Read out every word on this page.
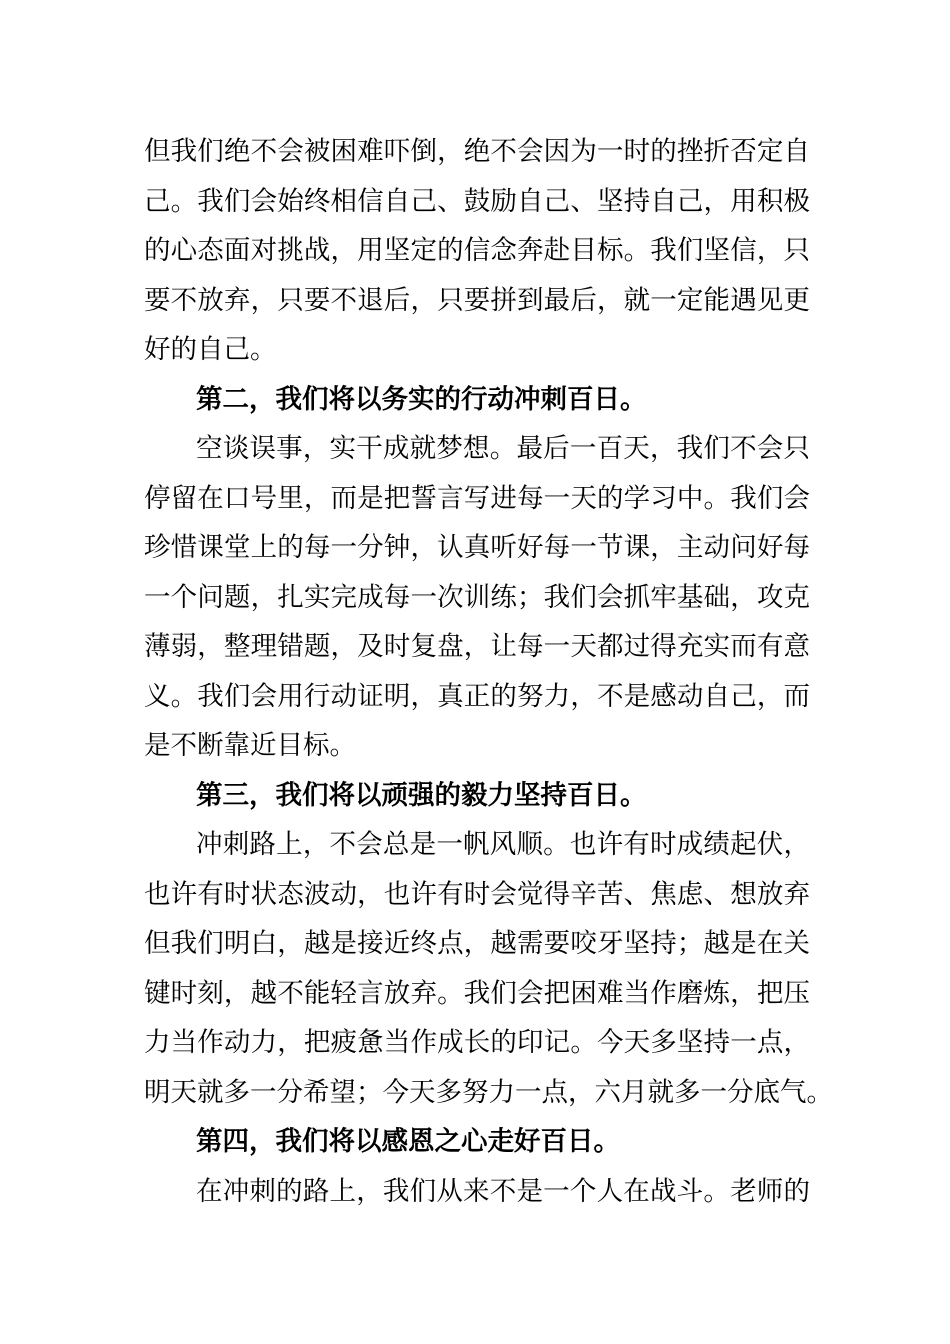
但我们绝不会被困难吓倒，绝不会因为一时的挫折否定自
己。我们会始终相信自己、鼓励自己、坚持自己，用积极
的心态面对挑战，用坚定的信念奔赴目标。我们坚信，只
要不放弃，只要不退后，只要拼到最后，就一定能遇见更
好的自己。
第二，我们将以务实的行动冲刺百日。
空谈误事，实干成就梦想。最后一百天，我们不会只
停留在口号里，而是把誓言写进每一天的学习中。我们会
珍惜课堂上的每一分钟，认真听好每一节课，主动问好每
一个问题，扎实完成每一次训练；我们会抓牢基础，攻克
薄弱，整理错题，及时复盘，让每一天都过得充实而有意
义。我们会用行动证明，真正的努力，不是感动自己，而
是不断靠近目标。
第三，我们将以顽强的毅力坚持百日。
冲刺路上，不会总是一帆风顺。也许有时成绩起伏，
也许有时状态波动，也许有时会觉得辛苦、焦虑、想放弃
但我们明白，越是接近终点，越需要咬牙坚持；越是在关
键时刻，越不能轻言放弃。我们会把困难当作磨炼，把压
力当作动力，把疲惫当作成长的印记。今天多坚持一点，
明天就多一分希望；今天多努力一点，六月就多一分底气。
第四，我们将以感恩之心走好百日。
在冲刺的路上，我们从来不是一个人在战斗。老师的
